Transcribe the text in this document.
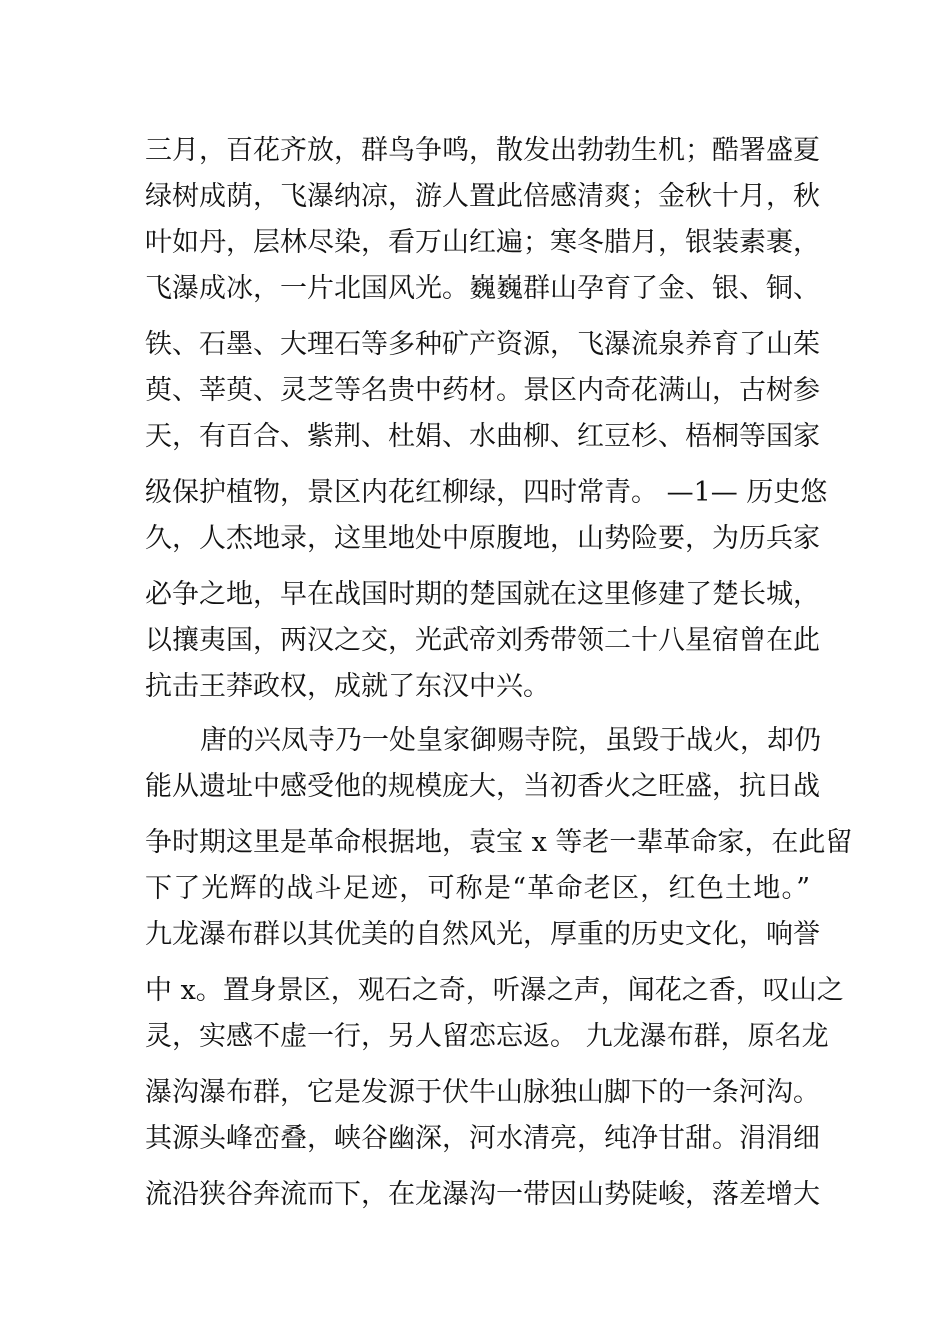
三月，百花齐放，群鸟争鸣，散发出勃勃生机；酷署盛夏
绿树成荫，飞瀑纳凉，游人置此倍感清爽；金秋十月，秋
叶如丹，层林尽染，看万山红遍；寒冬腊月，银装素裹，
飞瀑成冰，一片北国风光。巍巍群山孕育了金、银、铜、
铁、石墨、大理石等多种矿产资源，飞瀑流泉养育了山茱
萸、莘萸、灵芝等名贵中药材。景区内奇花满山，古树参
天，有百合、紫荆、杜娟、水曲柳、红豆杉、梧桐等国家
级保护植物，景区内花红柳绿，四时常青。 —1— 历史悠
久，人杰地录，这里地处中原腹地，山势险要，为历兵家
必争之地，早在战国时期的楚国就在这里修建了楚长城，
以攘夷国，两汉之交，光武帝刘秀带领二十八星宿曾在此
抗击王莽政权，成就了东汉中兴。
唐的兴凤寺乃一处皇家御赐寺院，虽毁于战火，却仍
能从遗址中感受他的规模庞大，当初香火之旺盛，抗日战
争时期这里是革命根据地，袁宝 x 等老一辈革命家，在此留
下了光辉的战斗足迹，可称是“革命老区，红色土地。”
九龙瀑布群以其优美的自然风光，厚重的历史文化，响誉
中 x。置身景区，观石之奇，听瀑之声，闻花之香，叹山之
灵，实感不虚一行，另人留恋忘返。 九龙瀑布群，原名龙
瀑沟瀑布群，它是发源于伏牛山脉独山脚下的一条河沟。
其源头峰峦叠，峡谷幽深，河水清亮，纯净甘甜。涓涓细
流沿狭谷奔流而下，在龙瀑沟一带因山势陡峻，落差增大
